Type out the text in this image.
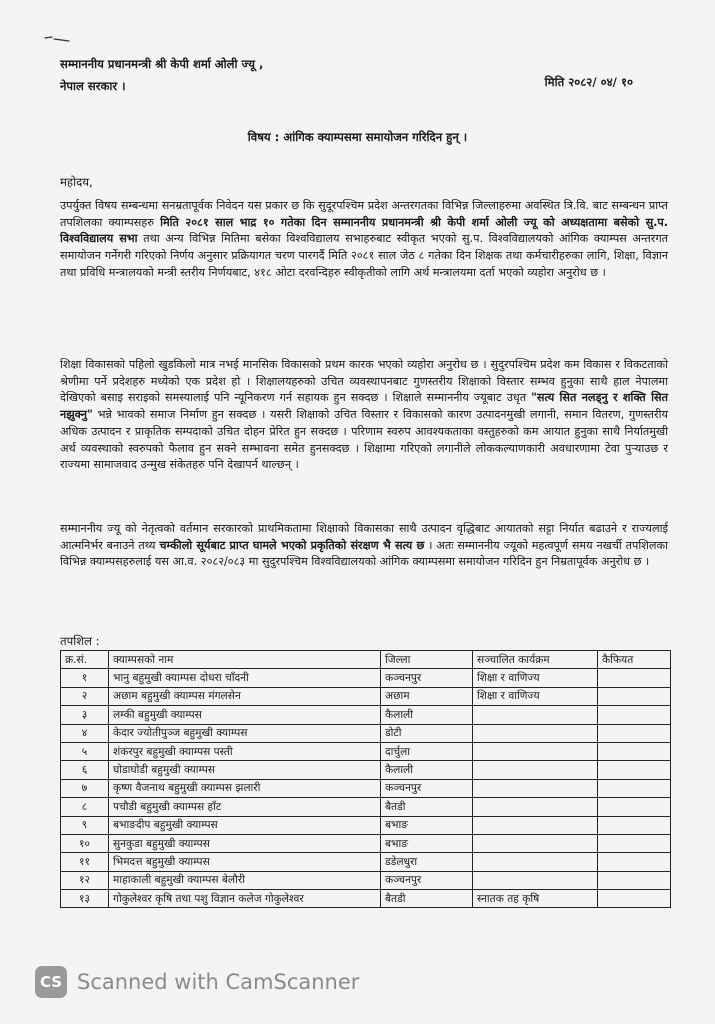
सम्माननीय प्रधानमन्त्री श्री केपी शर्मा ओली ज्यू ,
नेपाल सरकार ।	मिति २०८२/ ०४/ १०
विषय : आंगिक क्याम्पसमा समायोजन गरिदिन हुन् ।
महोदय,
उपर्युक्त विषय सम्बन्धमा सनम्रतापूर्वक निवेदन यस प्रकार छ कि सुदूरपश्चिम प्रदेश अन्तरगतका विभिन्न जिल्लाहरुमा अवस्थित त्रि.वि. बाट सम्बन्धन प्राप्त तपशिलका क्याम्पसहरु मिति २०८१ साल भाद्र १० गतेका दिन सम्माननीय प्रधानमन्त्री श्री केपी शर्मा ओली ज्यू को अध्यक्षतामा बसेको सु.प. विश्वविद्यालय सभा तथा अन्य विभिन्न मितिमा बसेका विश्वविद्यालय सभाहरुबाट स्वीकृत भएको सु.प. विश्वविद्यालयको आंगिक क्याम्पस अन्तरगत समायोजन गर्नेगरी गरिएको निर्णय अनुसार प्रक्रियागत चरण पारगर्दै मिति २०८१ साल जेठ ८ गतेका दिन शिक्षक तथा कर्मचारीहरुका लागि, शिक्षा, विज्ञान तथा प्रविधि मन्त्रालयको मन्त्री स्तरीय निर्णयबाट, ४१८ ओटा दरवन्दिहरु स्वीकृतीको लागि अर्थ मन्त्रालयमा दर्ता भएको व्यहोरा अनुरोध छ ।
शिक्षा विकासको पहिलो खुडकिलो मात्र नभई मानसिक विकासको प्रथम कारक भएको व्यहोरा अनुरोध छ । सुदुरपश्चिम प्रदेश कम विकास र विकटताको श्रेणीमा पर्ने प्रदेशहरु मध्येको एक प्रदेश हो । शिक्षालयहरुको उचित व्यवस्थापनबाट गुणस्तरीय शिक्षाको विस्तार सम्भव हुनुका साथै हाल नेपालमा देखिएको बसाइ सराइको समस्यालाई पनि न्यूनिकरण गर्न सहायक हुन सक्दछ । शिक्षाले सम्माननीय ज्यूबाट उधृत "सत्य सित नलड्नु र शक्ति सित नझुक्नु" भन्ने भावको समाज निर्माण हुन सक्दछ । यसरी शिक्षाको उचित विस्तार र विकासको कारण उत्पादनमुखी लगानी, समान वितरण, गुणस्तरीय अधिक उत्पादन र प्राकृतिक सम्पदाको उचित दोहन प्रेरित हुन सक्दछ । परिणाम स्वरुप आवश्यकताका वस्तुहरुको कम आयात हुनुका साथै निर्यातमुखी अर्थ व्यवस्थाको स्वरुपको फैलाव हुन सक्ने सम्भावना समेत हुनसक्दछ । शिक्षामा गरिएको लगानीले लोककल्याणकारी अवधारणामा टेवा पुर्‍याउछ र राज्यमा सामाजवाद उन्मुख संकेतहरु पनि देखापर्न थाल्छन् ।
सम्माननीय ज्यू को नेतृत्वको वर्तमान सरकारको प्राथमिकतामा शिक्षाको विकासका साथै उत्पादन वृद्धिबाट आयातको सट्टा निर्यात बढाउने र राज्यलाई आत्मनिर्भर बनाउने तथ्य चम्कीलो सूर्यबाट प्राप्त घामले भएको प्रकृतिको संरक्षण भै सत्य छ । अतः सम्माननीय ज्यूको महत्वपूर्ण समय नखर्ची तपशिलका विभिन्न क्याम्पसहरुलाई यस आ.व. २०८२/०८३ मा सुदुरपश्चिम विश्वविद्यालयको आंगिक क्याम्पसमा समायोजन गरिदिन हुन निम्रतापूर्वक अनुरोध छ ।
तपशिल :
क्र.सं.	क्याम्पसको नाम	जिल्ला	सञ्चालित कार्यक्रम	कैफियत
१	भानु बहुमुखी क्याम्पस दोधरा चाँदनी	कञ्चनपुर	शिक्षा र वाणिज्य	
२	अछाम बहुमुखी क्याम्पस मंगलसेन	अछाम	शिक्षा र वाणिज्य	
३	लम्की बहुमुखी क्याम्पस	कैलाली		
४	केदार ज्योतीपुञ्ज बहुमुखी क्याम्पस	डोटी		
५	शंकरपुर बहुमुखी क्याम्पस पस्ती	दार्चुला		
६	घोडाघोडी बहुमुखी क्याम्पस	कैलाली		
७	कृष्ण वैजनाथ बहुमुखी क्याम्पस झलारी	कञ्चनपुर		
८	पचौडी बहुमुखी क्याम्पस हाँट	बैतडी		
९	बभाङदीप बहुमुखी क्याम्पस	बभाङ		
१०	सुनकुडा बहुमुखी क्याम्पस	बभाङ		
११	भिमदत्त बहुमुखी क्याम्पस	डडेलधुरा		
१२	माहाकाली बहुमुखी क्याम्पस बेलौरी	कञ्चनपुर		
१३	गोकुलेश्वर कृषि तथा पशु विज्ञान कलेज गोकुलेश्वर	बैतडी	स्नातक तह कृषि	
CS Scanned with CamScanner
